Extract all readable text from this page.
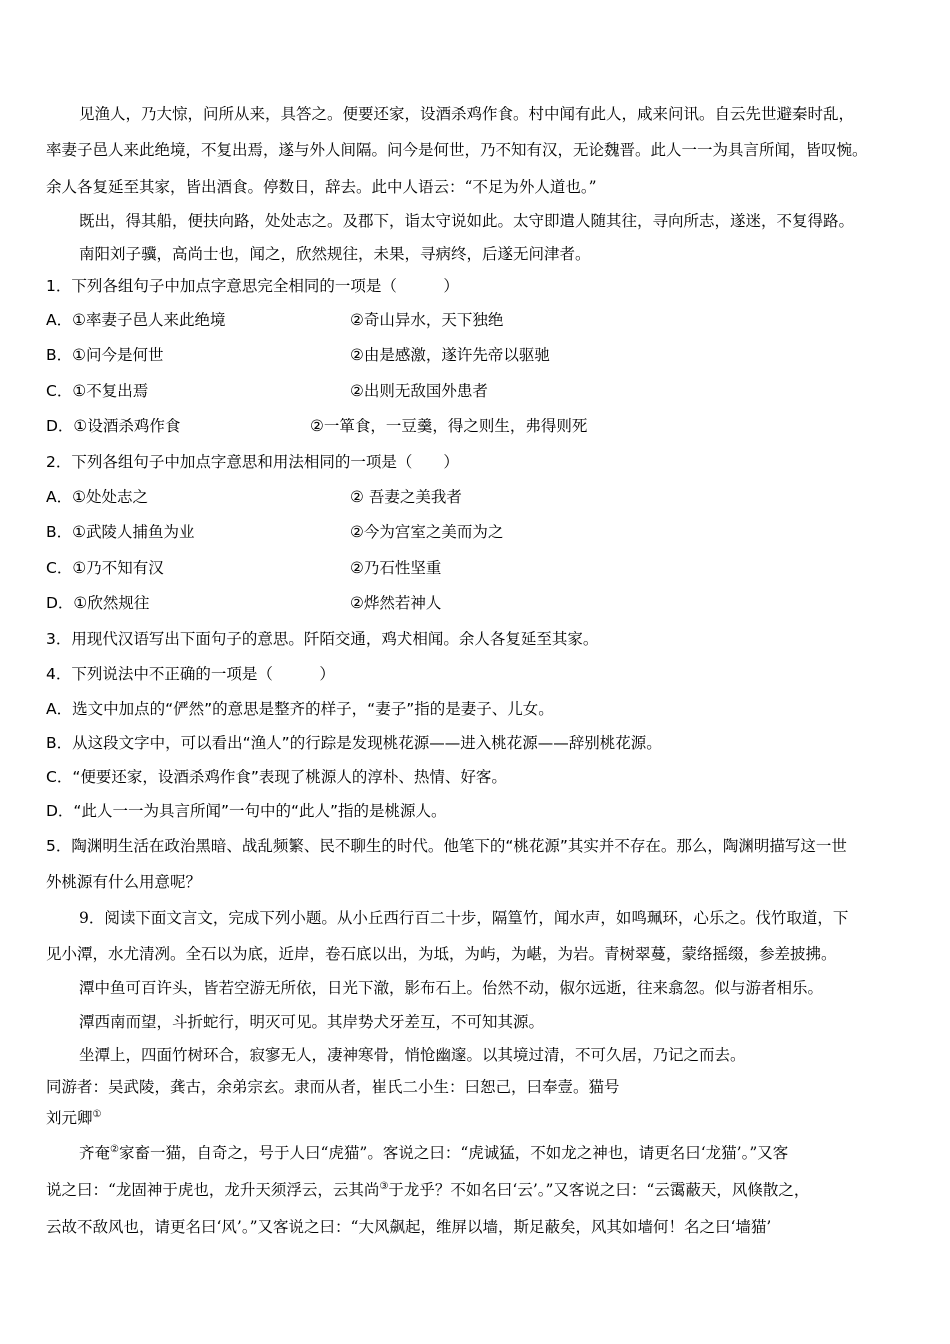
见渔人，乃大惊，问所从来，具答之。便要还家，设酒杀鸡作食。村中闻有此人，咸来问讯。自云先世避秦时乱，
率妻子邑人来此绝境，不复出焉，遂与外人间隔。问今是何世，乃不知有汉，无论魏晋。此人一一为具言所闻，皆叹惋。
余人各复延至其家，皆出酒食。停数日，辞去。此中人语云：“不足为外人道也。”
既出，得其船，便扶向路，处处志之。及郡下，诣太守说如此。太守即遣人随其往，寻向所志，遂迷，不复得路。
南阳刘子骥，高尚士也，闻之，欣然规往，未果，寻病终，后遂无问津者。
1．下列各组句子中加点字意思完全相同的一项是（　　　）
A．①率妻子邑人来此绝境	②奇山异水，天下独绝
B．①问今是何世	②由是感激，遂许先帝以驱驰
C．①不复出焉	②出则无敌国外患者
D．①设酒杀鸡作食	②一箪食，一豆羹，得之则生，弗得则死
2．下列各组句子中加点字意思和用法相同的一项是（　　）
A．①处处志之	② 吾妻之美我者
B．①武陵人捕鱼为业	②今为宫室之美而为之
C．①乃不知有汉	②乃石性坚重
D．①欣然规往	②烨然若神人
3．用现代汉语写出下面句子的意思。阡陌交通，鸡犬相闻。余人各复延至其家。
4．下列说法中不正确的一项是（　　　）
A．选文中加点的“俨然”的意思是整齐的样子，“妻子”指的是妻子、儿女。
B．从这段文字中，可以看出“渔人”的行踪是发现桃花源——进入桃花源——辞别桃花源。
C．“便要还家，设酒杀鸡作食”表现了桃源人的淳朴、热情、好客。
D．“此人一一为具言所闻”一句中的“此人”指的是桃源人。
5．陶渊明生活在政治黑暗、战乱频繁、民不聊生的时代。他笔下的“桃花源”其实并不存在。那么，陶渊明描写这一世
外桃源有什么用意呢？
9．阅读下面文言文，完成下列小题。从小丘西行百二十步，隔篁竹，闻水声，如鸣珮环，心乐之。伐竹取道，下
见小潭，水尤清冽。全石以为底，近岸，卷石底以出，为坻，为屿，为嵁，为岩。青树翠蔓，蒙络摇缀，参差披拂。
潭中鱼可百许头，皆若空游无所依，日光下澈，影布石上。佁然不动，俶尔远逝，往来翕忽。似与游者相乐。
潭西南而望，斗折蛇行，明灭可见。其岸势犬牙差互，不可知其源。
坐潭上，四面竹树环合，寂寥无人，凄神寒骨，悄怆幽邃。以其境过清，不可久居，乃记之而去。
同游者：吴武陵，龚古，余弟宗玄。隶而从者，崔氏二小生：曰恕己，曰奉壹。猫号
刘元卿①
齐奄②家畜一猫，自奇之，号于人曰“虎猫”。客说之曰：“虎诚猛，不如龙之神也，请更名曰‘龙猫’。”又客
说之曰：“龙固神于虎也，龙升天须浮云，云其尚③于龙乎？不如名曰‘云’。”又客说之曰：“云霭蔽天，风倏散之，
云故不敌风也，请更名曰‘风’。”又客说之曰：“大风飙起，维屏以墙，斯足蔽矣，风其如墙何！名之曰‘墙猫’
